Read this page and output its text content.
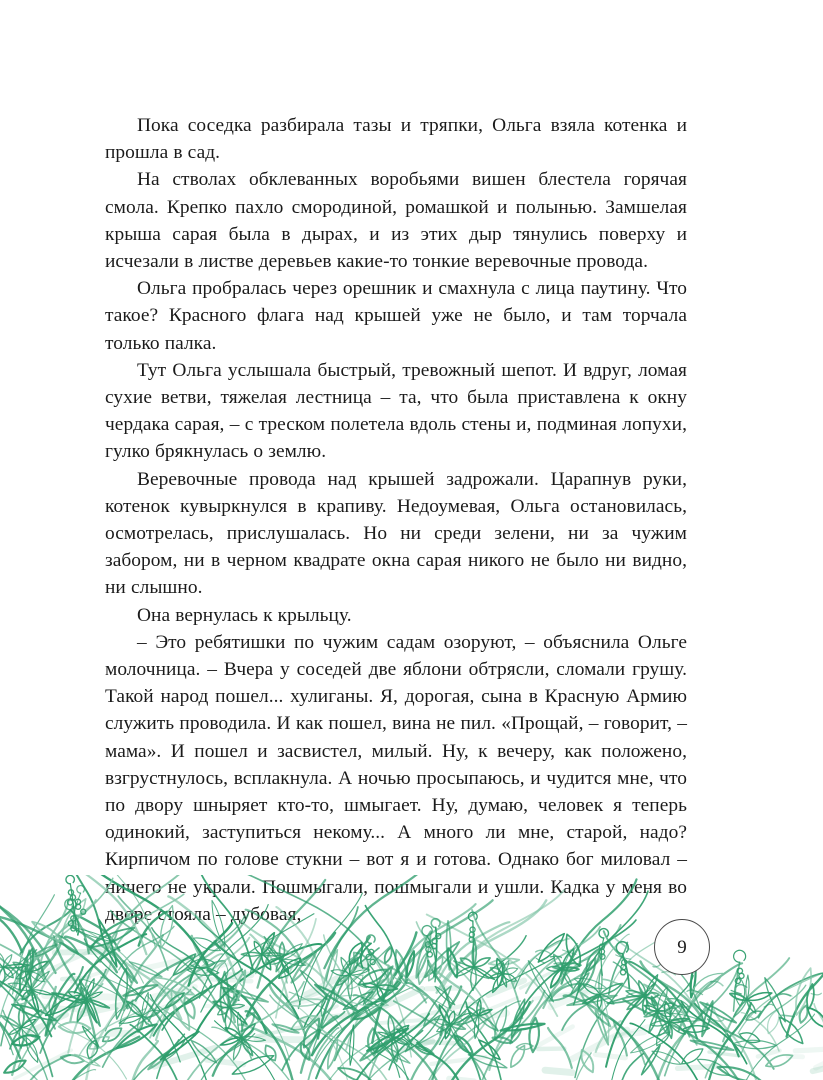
Пока соседка разбирала тазы и тряпки, Ольга взяла котенка и прошла в сад.

На стволах обклеванных воробьями вишен блестела горячая смола. Крепко пахло смородиной, ромашкой и полынью. Замшелая крыша сарая была в дырах, и из этих дыр тянулись поверху и исчезали в листве деревьев какие-то тонкие веревочные провода.

Ольга пробралась через орешник и смахнула с лица паутину. Что такое? Красного флага над крышей уже не было, и там торчала только палка.

Тут Ольга услышала быстрый, тревожный шепот. И вдруг, ломая сухие ветви, тяжелая лестница – та, что была приставлена к окну чердака сарая, – с треском полетела вдоль стены и, подминая лопухи, гулко брякнулась о землю.

Веревочные провода над крышей задрожали. Царапнув руки, котенок кувыркнулся в крапиву. Недоумевая, Ольга остановилась, осмотрелась, прислушалась. Но ни среди зелени, ни за чужим забором, ни в черном квадрате окна сарая никого не было ни видно, ни слышно.

Она вернулась к крыльцу.

– Это ребятишки по чужим садам озоруют, – объяснила Ольге молочница. – Вчера у соседей две яблони обтрясли, сломали грушу. Такой народ пошел... хулиганы. Я, дорогая, сына в Красную Армию служить проводила. И как пошел, вина не пил. «Прощай, – говорит, – мама». И пошел и засвистел, милый. Ну, к вечеру, как положено, взгрустнулось, всплакнула. А ночью просыпаюсь, и чудится мне, что по двору шныряет кто-то, шмыгает. Ну, думаю, человек я теперь одинокий, заступиться некому... А много ли мне, старой, надо? Кирпичом по голове стукни – вот я и готова. Однако бог миловал – ничего не украли. Пошмыгали, пошмыгали и ушли. Кадка у меня во дворе стояла – дубовая,

9
